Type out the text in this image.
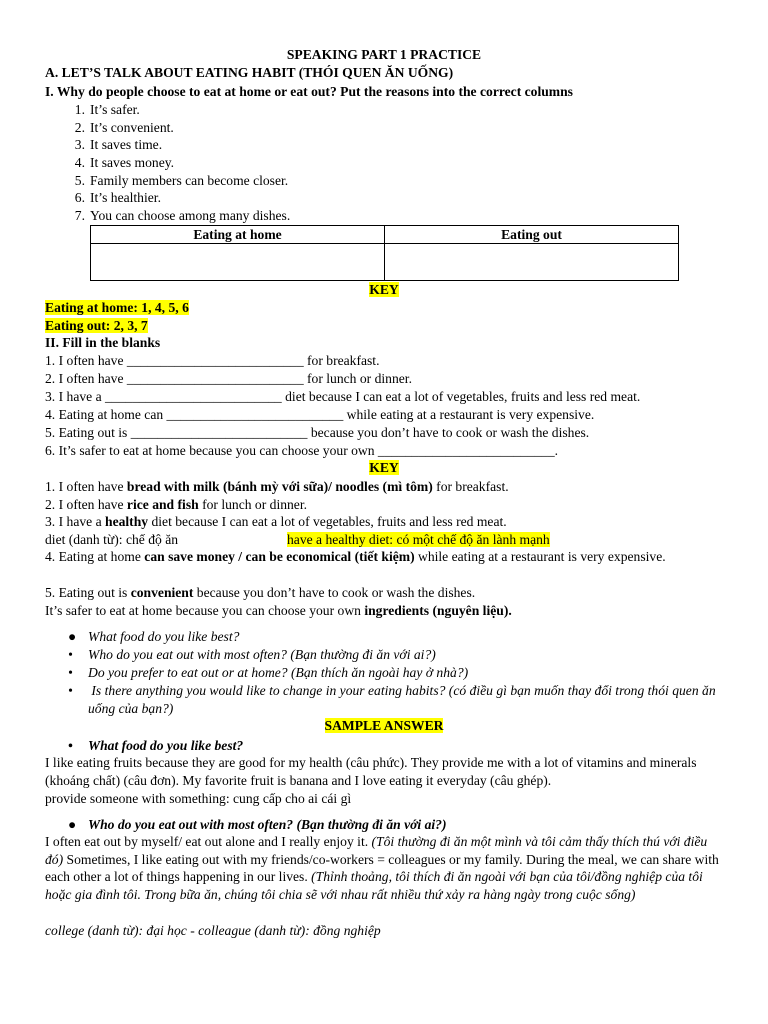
SPEAKING PART 1 PRACTICE
A. LET’S TALK ABOUT EATING HABIT (THÓI QUEN ĂN UỐNG)
I. Why do people choose to eat at home or eat out? Put the reasons into the correct columns
1. It’s safer.
2. It’s convenient.
3. It saves time.
4. It saves money.
5. Family members can become closer.
6. It’s healthier.
7. You can choose among many dishes.
Eating at home	Eating out

KEY
Eating at home: 1, 4, 5, 6
Eating out: 2, 3, 7
II. Fill in the blanks
1. I often have __________________________ for breakfast.
2. I often have __________________________ for lunch or dinner.
3. I have a __________________________ diet because I can eat a lot of vegetables, fruits and less red meat.
4. Eating at home can __________________________ while eating at a restaurant is very expensive.
5. Eating out is __________________________ because you don’t have to cook or wash the dishes.
6. It’s safer to eat at home because you can choose your own __________________________.
KEY
1. I often have bread with milk (bánh mỳ với sữa)/ noodles (mì tôm) for breakfast.
2. I often have rice and fish for lunch or dinner.
3. I have a healthy diet because I can eat a lot of vegetables, fruits and less red meat.
diet (danh từ): chế độ ăn	have a healthy diet: có một chế độ ăn lành mạnh
4. Eating at home can save money / can be economical (tiết kiệm) while eating at a restaurant is very expensive.
5. Eating out is convenient because you don’t have to cook or wash the dishes.
It’s safer to eat at home because you can choose your own ingredients (nguyên liệu).
● What food do you like best?
• Who do you eat out with most often? (Bạn thường đi ăn với ai?)
• Do you prefer to eat out or at home? (Bạn thích ăn ngoài hay ở nhà?)
• Is there anything you would like to change in your eating habits? (có điều gì bạn muốn thay đổi trong thói quen ăn uống của bạn?)
SAMPLE ANSWER
• What food do you like best?
I like eating fruits because they are good for my health (câu phức). They provide me with a lot of vitamins and minerals (khoáng chất) (câu đơn). My favorite fruit is banana and I love eating it everyday (câu ghép).
provide someone with something: cung cấp cho ai cái gì
● Who do you eat out with most often? (Bạn thường đi ăn với ai?)
I often eat out by myself/ eat out alone and I really enjoy it. (Tôi thường đi ăn một mình và tôi cảm thấy thích thú với điều đó) Sometimes, I like eating out with my friends/co-workers = colleagues or my family. During the meal, we can share with each other a lot of things happening in our lives. (Thỉnh thoảng, tôi thích đi ăn ngoài với bạn của tôi/đồng nghiệp của tôi hoặc gia đình tôi. Trong bữa ăn, chúng tôi chia sẽ với nhau rất nhiều thứ xảy ra hàng ngày trong cuộc sống)
college (danh từ): đại học - colleague (danh từ): đồng nghiệp
